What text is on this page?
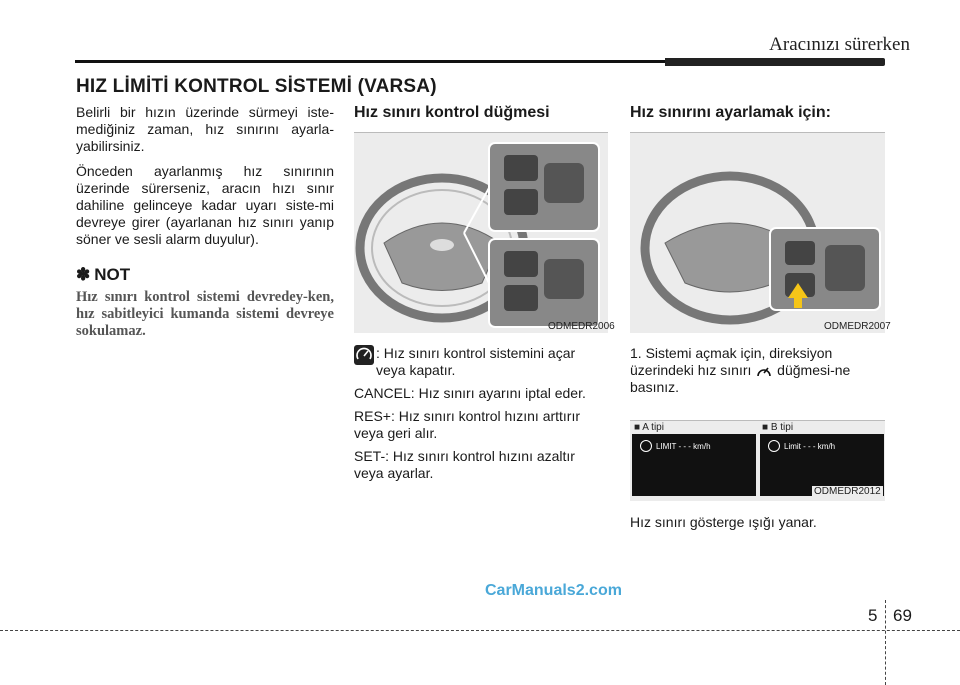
Aracınızı sürerken
HIZ LİMİTİ KONTROL SİSTEMİ (VARSA)

Belirli bir hızın üzerinde sürmeyi iste-mediğiniz zaman, hız sınırını ayarla-yabilirsiniz.

Önceden ayarlanmış hız sınırının üzerinde sürerseniz, aracın hızı sınır dahiline gelinceye kadar uyarı siste-mi devreye girer (ayarlanan hız sınırı yanıp söner ve sesli alarm duyulur).

✽ NOT
Hız sınırı kontrol sistemi devredey-ken, hız sabitleyici kumanda sistemi devreye sokulamaz.
Hız sınırı kontrol düğmesi
ODMEDR2006
: Hız sınırı kontrol sistemini açar veya kapatır.
CANCEL: Hız sınırı ayarını iptal eder.
RES+: Hız sınırı kontrol hızını arttırır veya geri alır.
SET-: Hız sınırı kontrol hızını azaltır veya ayarlar.
Hız sınırını ayarlamak için:
ODMEDR2007
1. Sistemi açmak için, direksiyon üzerindeki hız sınırı düğmesi-ne basınız.
■ A tipi	■ B tipi
LIMIT - - - km/h	Limit - - - km/h
ODMEDR2012
Hız sınırı gösterge ışığı yanar.
CarManuals2.com
5 69
